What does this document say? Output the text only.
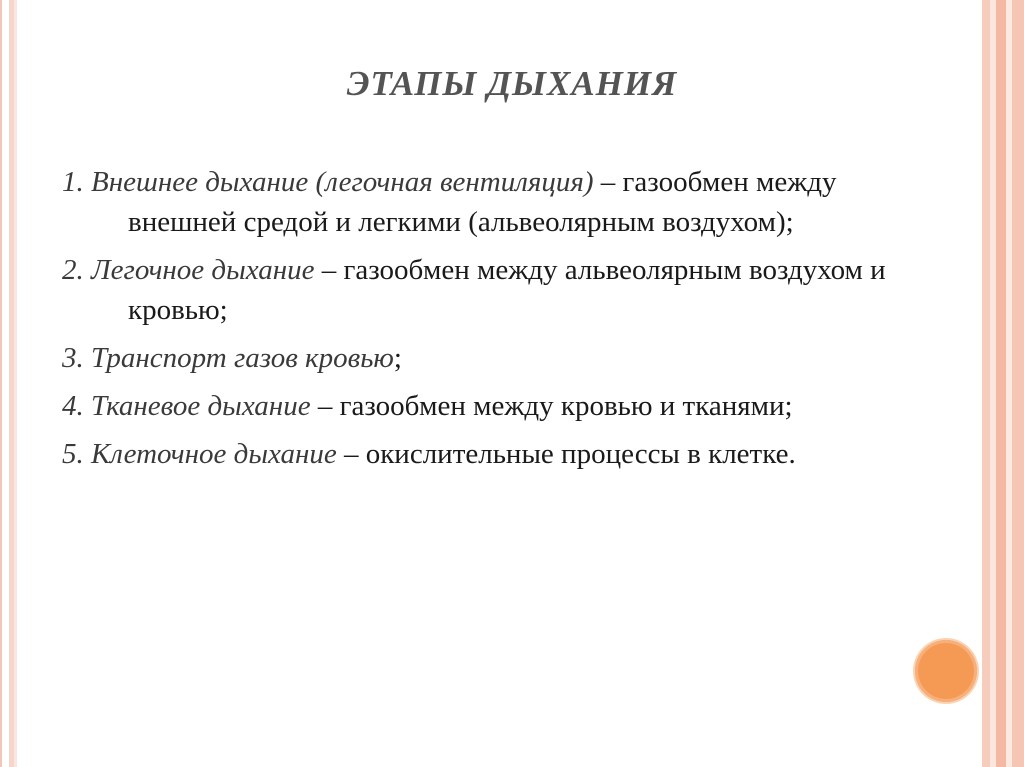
ЭТАПЫ ДЫХАНИЯ
1. Внешнее дыхание (легочная вентиляция) – газообмен между внешней средой и легкими (альвеолярным воздухом);
2. Легочное дыхание – газообмен между альвеолярным воздухом и кровью;
3. Транспорт газов кровью;
4. Тканевое дыхание – газообмен между кровью и тканями;
5. Клеточное дыхание – окислительные процессы в клетке.
